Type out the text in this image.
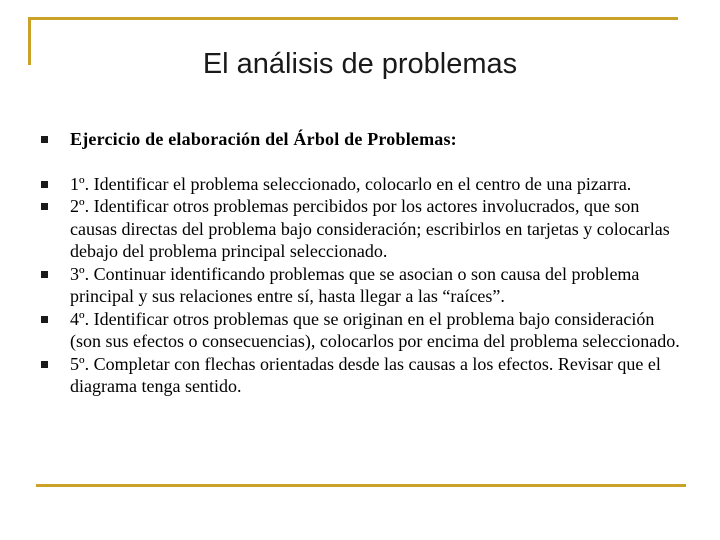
El análisis de problemas
Ejercicio de elaboración del Árbol de Problemas:
1º. Identificar el problema seleccionado, colocarlo en el centro de una pizarra.
2º. Identificar otros problemas percibidos por los actores involucrados, que son causas directas del problema bajo consideración; escribirlos en tarjetas y colocarlas debajo del problema principal seleccionado.
3º. Continuar identificando problemas que se asocian o son causa del problema principal y sus relaciones entre sí, hasta llegar a las “raíces”.
4º. Identificar otros problemas que se originan en el problema bajo consideración (son sus efectos o consecuencias), colocarlos por encima del problema seleccionado.
5º. Completar con flechas orientadas desde las causas a los efectos. Revisar que el diagrama tenga sentido.
